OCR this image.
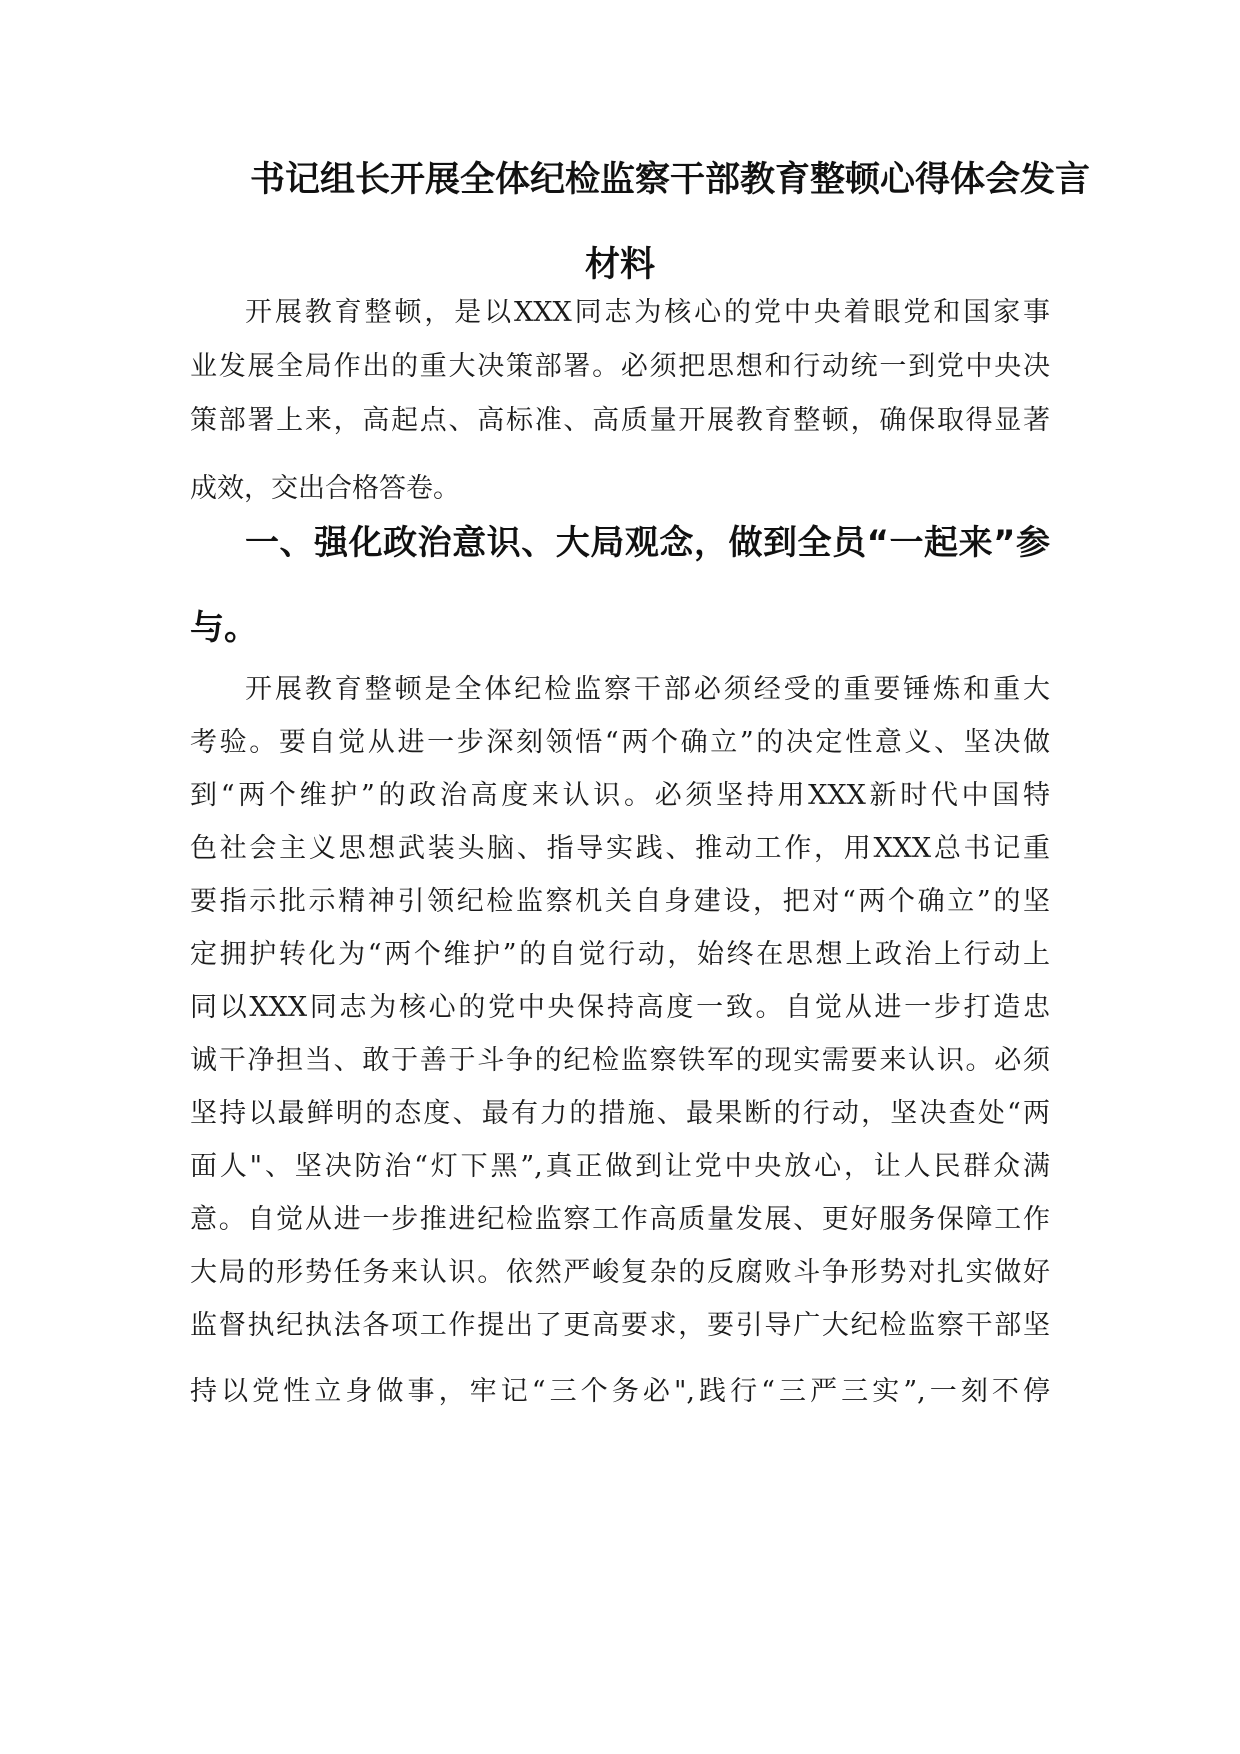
书记组长开展全体纪检监察干部教育整顿心得体会发言
材料
开展教育整顿，是以XXX同志为核心的党中央着眼党和国家事
业发展全局作出的重大决策部署。必须把思想和行动统一到党中央决
策部署上来，高起点、高标准、高质量开展教育整顿，确保取得显著
成效，交出合格答卷。
一、强化政治意识、大局观念，做到全员“一起来”参
与。
开展教育整顿是全体纪检监察干部必须经受的重要锤炼和重大
考验。要自觉从进一步深刻领悟“两个确立”的决定性意义、坚决做
到“两个维护”的政治高度来认识。必须坚持用XXX新时代中国特
色社会主义思想武装头脑、指导实践、推动工作，用XXX总书记重
要指示批示精神引领纪检监察机关自身建设，把对“两个确立”的坚
定拥护转化为“两个维护”的自觉行动，始终在思想上政治上行动上
同以XXX同志为核心的党中央保持高度一致。自觉从进一步打造忠
诚干净担当、敢于善于斗争的纪检监察铁军的现实需要来认识。必须
坚持以最鲜明的态度、最有力的措施、最果断的行动，坚决查处“两
面人"、坚决防治“灯下黑”,真正做到让党中央放心，让人民群众满
意。自觉从进一步推进纪检监察工作高质量发展、更好服务保障工作
大局的形势任务来认识。依然严峻复杂的反腐败斗争形势对扎实做好
监督执纪执法各项工作提出了更高要求，要引导广大纪检监察干部坚
持以党性立身做事，牢记“三个务必",践行“三严三实”,一刻不停
